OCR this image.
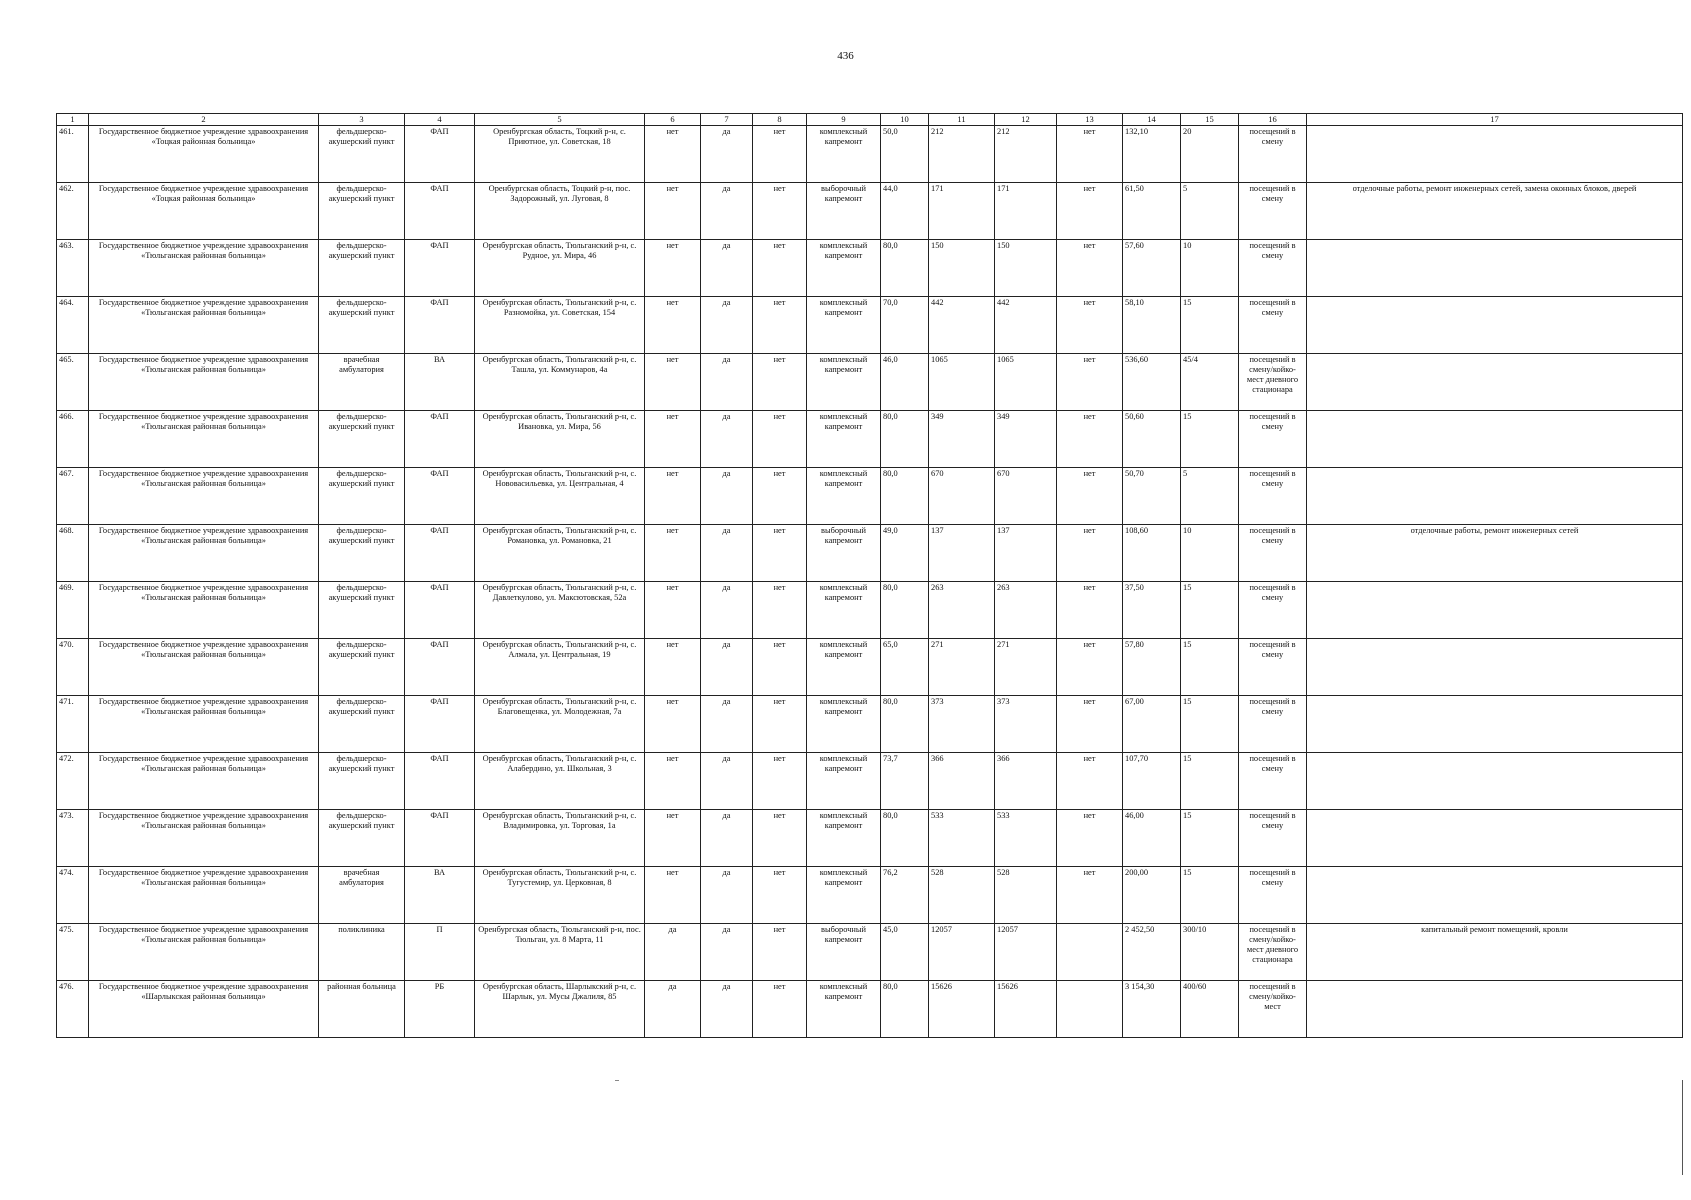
436
1	2	3	4	5	6	7	8	9	10	11	12	13	14	15	16	17
461.	Государственное бюджетное учреждение здравоохранения «Тоцкая районная больница»	фельдшерско-акушерский пункт	ФАП	Оренбургская область, Тоцкий р-н, с. Приютное, ул. Советская, 18	нет	да	нет	комплексный капремонт	50,0	212	212	нет	132,10	20	посещений в смену	
462.	Государственное бюджетное учреждение здравоохранения «Тоцкая районная больница»	фельдшерско-акушерский пункт	ФАП	Оренбургская область, Тоцкий р-н, пос. Задорожный, ул. Луговая, 8	нет	да	нет	выборочный капремонт	44,0	171	171	нет	61,50	5	посещений в смену	отделочные работы, ремонт инженерных сетей, замена оконных блоков, дверей
463.	Государственное бюджетное учреждение здравоохранения «Тюльганская районная больница»	фельдшерско-акушерский пункт	ФАП	Оренбургская область, Тюльганский р-н, с. Рудное, ул. Мира, 46	нет	да	нет	комплексный капремонт	80,0	150	150	нет	57,60	10	посещений в смену	
464.	Государственное бюджетное учреждение здравоохранения «Тюльганская районная больница»	фельдшерско-акушерский пункт	ФАП	Оренбургская область, Тюльганский р-н, с. Разномойка, ул. Советская, 154	нет	да	нет	комплексный капремонт	70,0	442	442	нет	58,10	15	посещений в смену	
465.	Государственное бюджетное учреждение здравоохранения «Тюльганская районная больница»	врачебная амбулатория	ВА	Оренбургская область, Тюльганский р-н, с. Ташла, ул. Коммунаров, 4а	нет	да	нет	комплексный капремонт	46,0	1065	1065	нет	536,60	45/4	посещений в смену/койко-мест дневного стационара	
466.	Государственное бюджетное учреждение здравоохранения «Тюльганская районная больница»	фельдшерско-акушерский пункт	ФАП	Оренбургская область, Тюльганский р-н, с. Ивановка, ул. Мира, 56	нет	да	нет	комплексный капремонт	80,0	349	349	нет	50,60	15	посещений в смену	
467.	Государственное бюджетное учреждение здравоохранения «Тюльганская районная больница»	фельдшерско-акушерский пункт	ФАП	Оренбургская область, Тюльганский р-н, с. Нововасильевка, ул. Центральная, 4	нет	да	нет	комплексный капремонт	80,0	670	670	нет	50,70	5	посещений в смену	
468.	Государственное бюджетное учреждение здравоохранения «Тюльганская районная больница»	фельдшерско-акушерский пункт	ФАП	Оренбургская область, Тюльганский р-н, с. Романовка, ул. Романовка, 21	нет	да	нет	выборочный капремонт	49,0	137	137	нет	108,60	10	посещений в смену	отделочные работы, ремонт инженерных сетей
469.	Государственное бюджетное учреждение здравоохранения «Тюльганская районная больница»	фельдшерско-акушерский пункт	ФАП	Оренбургская область, Тюльганский р-н, с. Давлеткулово, ул. Максютовская, 52а	нет	да	нет	комплексный капремонт	80,0	263	263	нет	37,50	15	посещений в смену	
470.	Государственное бюджетное учреждение здравоохранения «Тюльганская районная больница»	фельдшерско-акушерский пункт	ФАП	Оренбургская область, Тюльганский р-н, с. Алмала, ул. Центральная, 19	нет	да	нет	комплексный капремонт	65,0	271	271	нет	57,80	15	посещений в смену	
471.	Государственное бюджетное учреждение здравоохранения «Тюльганская районная больница»	фельдшерско-акушерский пункт	ФАП	Оренбургская область, Тюльганский р-н, с. Благовещенка, ул. Молодежная, 7а	нет	да	нет	комплексный капремонт	80,0	373	373	нет	67,00	15	посещений в смену	
472.	Государственное бюджетное учреждение здравоохранения «Тюльганская районная больница»	фельдшерско-акушерский пункт	ФАП	Оренбургская область, Тюльганский р-н, с. Алабердино, ул. Школьная, 3	нет	да	нет	комплексный капремонт	73,7	366	366	нет	107,70	15	посещений в смену	
473.	Государственное бюджетное учреждение здравоохранения «Тюльганская районная больница»	фельдшерско-акушерский пункт	ФАП	Оренбургская область, Тюльганский р-н, с. Владимировка, ул. Торговая, 1а	нет	да	нет	комплексный капремонт	80,0	533	533	нет	46,00	15	посещений в смену	
474.	Государственное бюджетное учреждение здравоохранения «Тюльганская районная больница»	врачебная амбулатория	ВА	Оренбургская область, Тюльганский р-н, с. Тугустемир, ул. Церковная, 8	нет	да	нет	комплексный капремонт	76,2	528	528	нет	200,00	15	посещений в смену	
475.	Государственное бюджетное учреждение здравоохранения «Тюльганская районная больница»	поликлиника	П	Оренбургская область, Тюльганский р-н, пос. Тюльган, ул. 8 Марта, 11	да	да	нет	выборочный капремонт	45,0	12057	12057		2 452,50	300/10	посещений в смену/койко-мест дневного стационара	капитальный ремонт помещений, кровли
476.	Государственное бюджетное учреждение здравоохранения «Шарлыкская районная больница»	районная больница	РБ	Оренбургская область, Шарлыкский р-н, с. Шарлык, ул. Мусы Джалиля, 85	да	да	нет	комплексный капремонт	80,0	15626	15626		3 154,30	400/60	посещений в смену/койко-мест	
